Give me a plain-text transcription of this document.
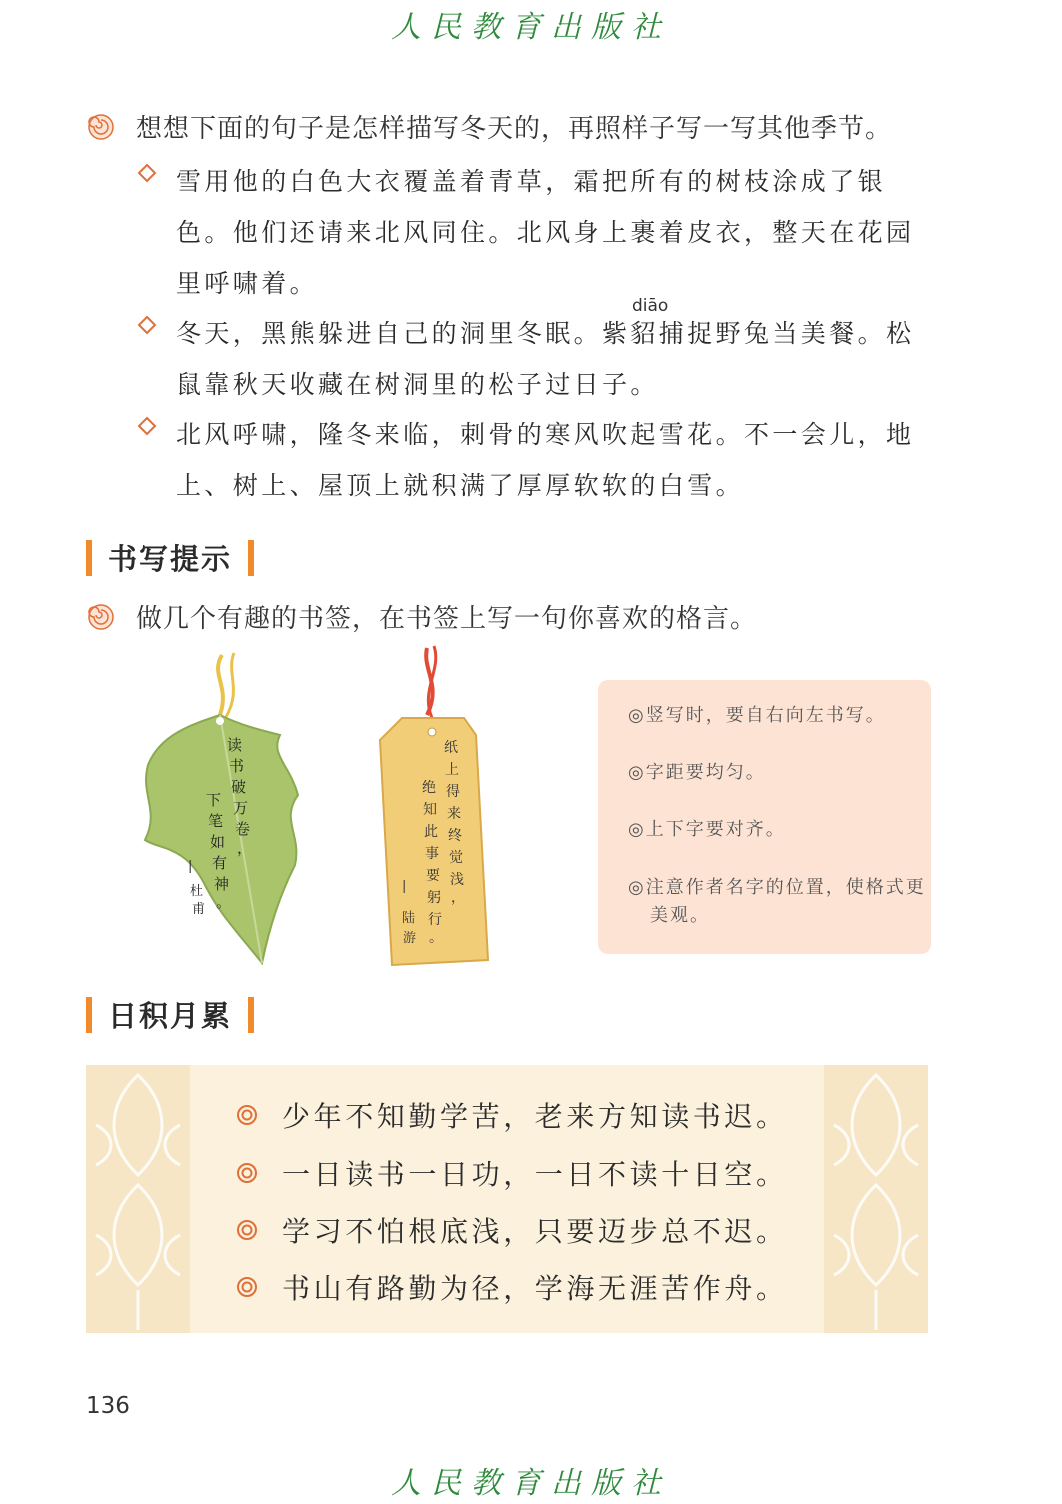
人民教育出版社
想想下面的句子是怎样描写冬天的，再照样子写一写其他季节。
雪用他的白色大衣覆盖着青草，霜把所有的树枝涂成了银色。他们还请来北风同住。北风身上裹着皮衣，整天在花园里呼啸着。
diāo
冬天，黑熊躲进自己的洞里冬眠。紫貂捕捉野兔当美餐。松鼠靠秋天收藏在树洞里的松子过日子。
北风呼啸，隆冬来临，刺骨的寒风吹起雪花。不一会儿，地上、树上、屋顶上就积满了厚厚软软的白雪。
书写提示
做几个有趣的书签，在书签上写一句你喜欢的格言。
读书破万卷，
下笔如有神。
|杜甫
纸上得来终觉浅，
绝知此事要躬行。
|陆游
◎竖写时，要自右向左书写。
◎字距要均匀。
◎上下字要对齐。
◎注意作者名字的位置，使格式更美观。
日积月累
少年不知勤学苦，老来方知读书迟。
一日读书一日功，一日不读十日空。
学习不怕根底浅，只要迈步总不迟。
书山有路勤为径，学海无涯苦作舟。
136
人民教育出版社
